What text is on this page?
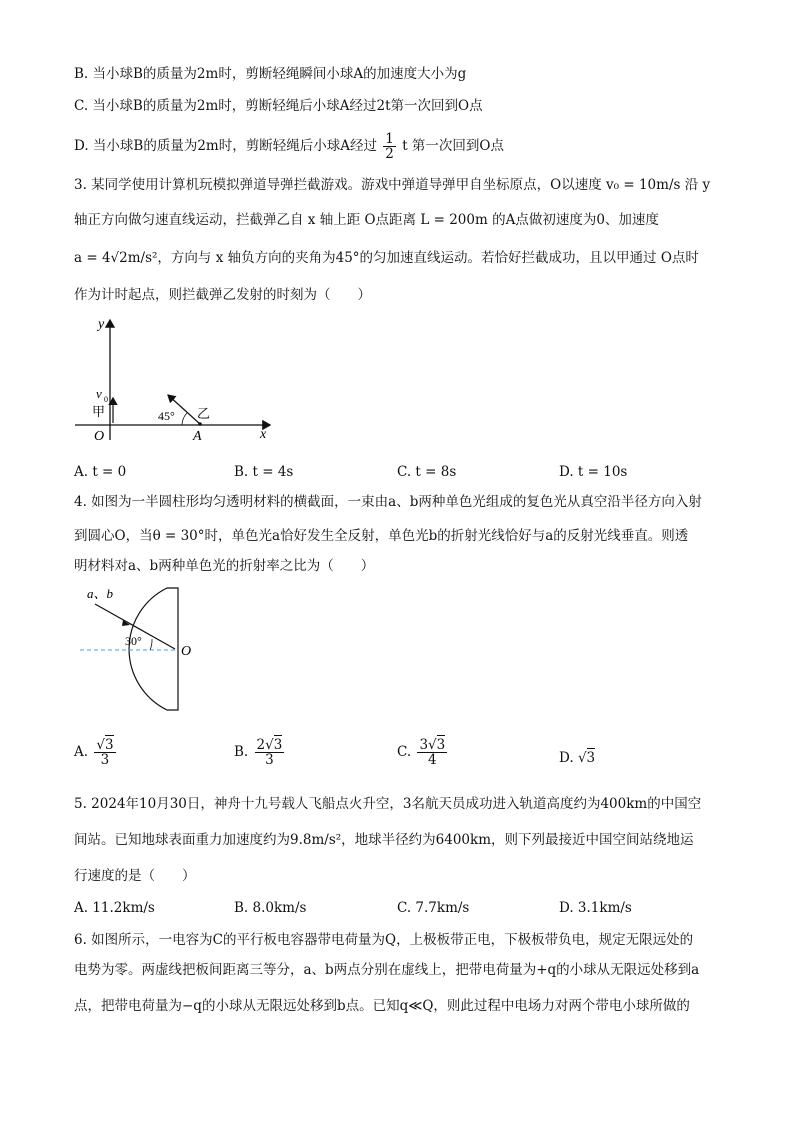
B. 当小球B的质量为2m时，剪断轻绳瞬间小球A的加速度大小为g
C. 当小球B的质量为2m时，剪断轻绳后小球A经过2t第一次回到O点
D. 当小球B的质量为2m时，剪断轻绳后小球A经过 $\frac{1}{2}$ t 第一次回到O点
3. 某同学使用计算机玩模拟弹道导弹拦截游戏。游戏中弹道导弹甲自坐标原点，O以速度 v₀ = 10m/s 沿 y
轴正方向做匀速直线运动，拦截弹乙自 x 轴上距 O点距离 L = 200m 的A点做初速度为0、加速度
a = 4√2m/s²，方向与 x 轴负方向的夹角为45°的匀加速直线运动。若恰好拦截成功，且以甲通过 O点时
作为计时起点，则拦截弹乙发射的时刻为（　　）
y
x
v 0
甲	乙
45°
O	A
A. t = 0	B. t = 4s	C. t = 8s	D. t = 10s
4. 如图为一半圆柱形均匀透明材料的横截面，一束由a、b两种单色光组成的复色光从真空沿半径方向入射
到圆心O，当θ = 30°时，单色光a恰好发生全反射，单色光b的折射光线恰好与a的反射光线垂直。则透
明材料对a、b两种单色光的折射率之比为（　　）
a、b
30°
O
A. $\frac{√3}{3}$	B. $\frac{2√3}{3}$	C. $\frac{3√3}{4}$	D. √3
5. 2024年10月30日，神舟十九号载人飞船点火升空，3名航天员成功进入轨道高度约为400km的中国空
间站。已知地球表面重力加速度约为9.8m/s²，地球半径约为6400km，则下列最接近中国空间站绕地运
行速度的是（　　）
A. 11.2km/s	B. 8.0km/s	C. 7.7km/s	D. 3.1km/s
6. 如图所示，一电容为C的平行板电容器带电荷量为Q，上极板带正电，下极板带负电，规定无限远处的
电势为零。两虚线把板间距离三等分，a、b两点分别在虚线上，把带电荷量为+q的小球从无限远处移到a
点，把带电荷量为−q的小球从无限远处移到b点。已知q≪Q，则此过程中电场力对两个带电小球所做的
